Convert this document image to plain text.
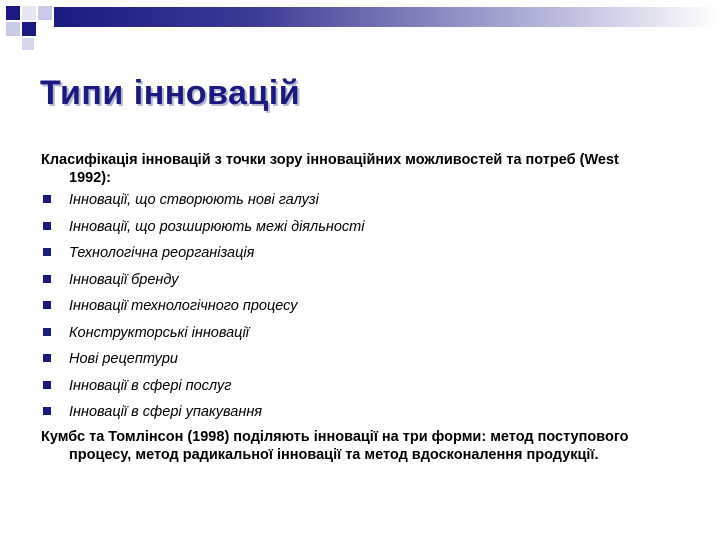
Типи інновацій

Класифікація інновацій з точки зору інноваційних можливостей та потреб (West 1992):

Інновації, що створюють нові галузі
Інновації, що розширюють межі діяльності
Технологічна реорганізація
Інновації бренду
Інновації технологічного процесу
Конструкторські інновації
Нові рецептури
Інновації в сфері послуг
Інновації в сфері упакування

Кумбс та Томлінсон (1998) поділяють інновації на три форми: метод поступового процесу, метод радикальної інновації та метод вдосконалення продукції.
